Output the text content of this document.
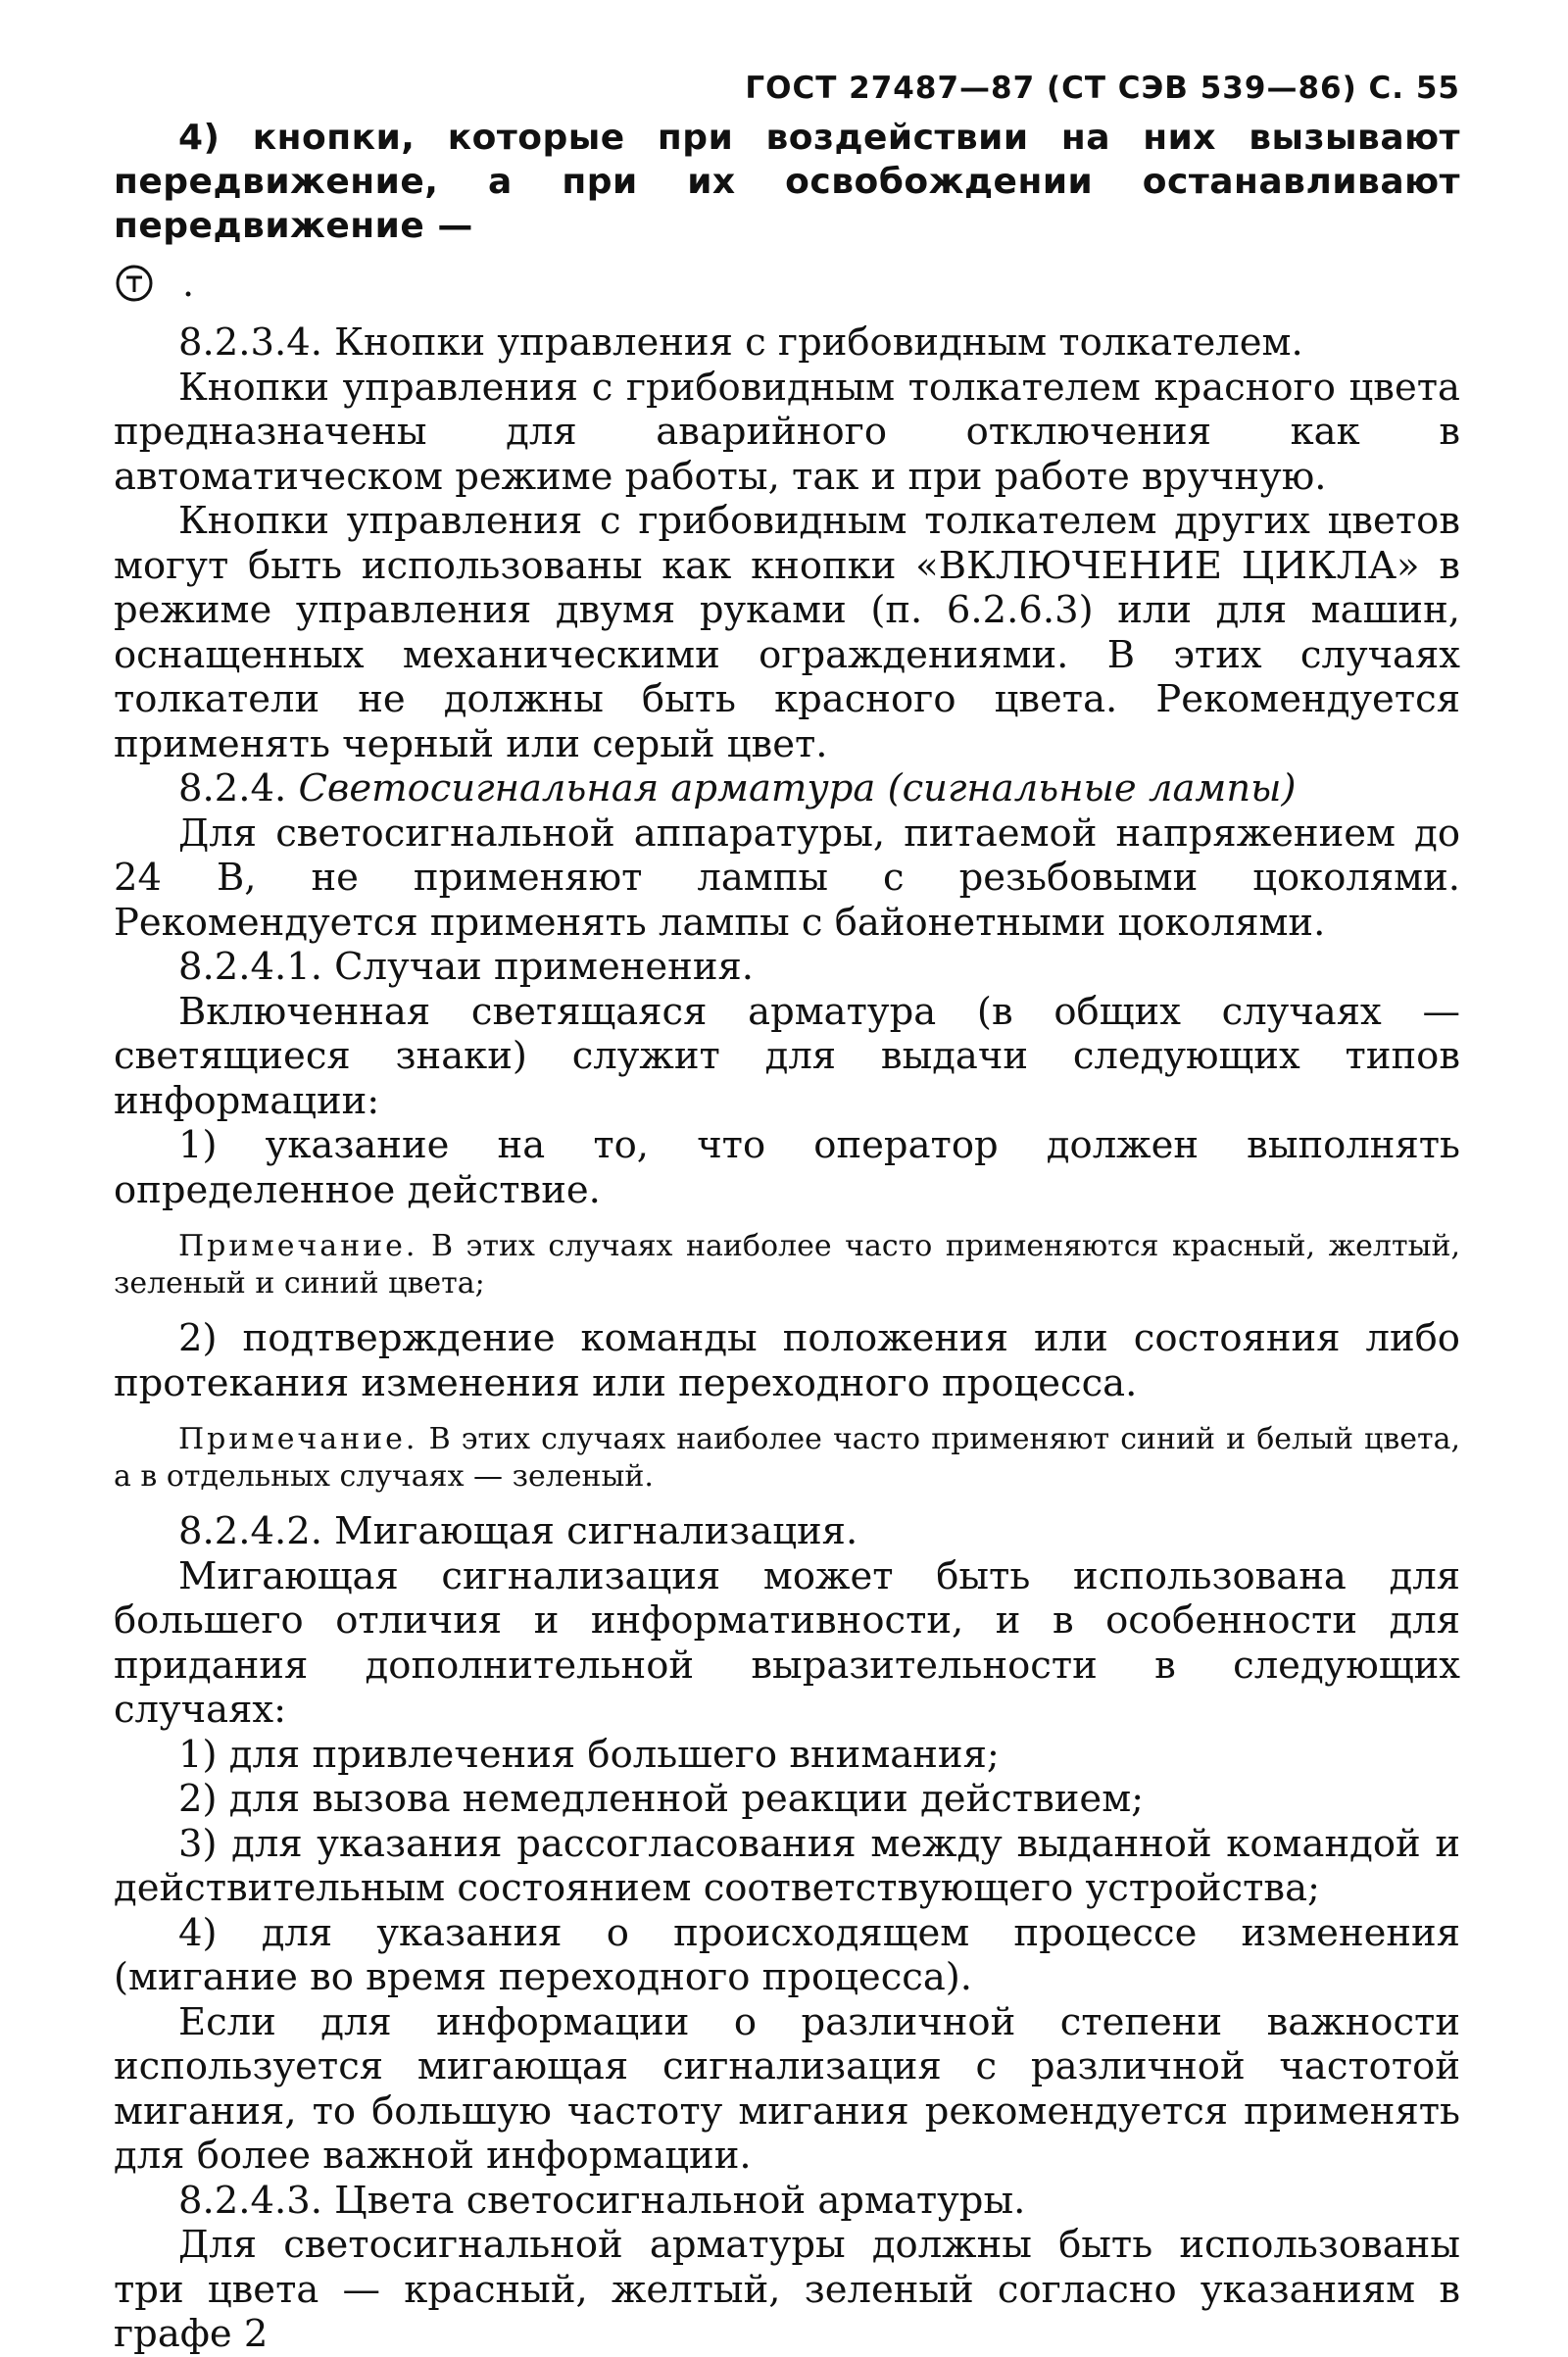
ГОСТ 27487—87 (СТ СЭВ 539—86) С. 55

4) кнопки, которые при воздействии на них вызывают передвижение, а при их освобождении останавливают передвижение —

.

8.2.3.4. Кнопки управления с грибовидным толкателем.

Кнопки управления с грибовидным толкателем красного цвета предназначены для аварийного отключения как в автоматическом режиме работы, так и при работе вручную.

Кнопки управления с грибовидным толкателем других цветов могут быть использованы как кнопки «ВКЛЮЧЕНИЕ ЦИКЛА» в режиме управления двумя руками (п. 6.2.6.3) или для машин, оснащенных механическими ограждениями. В этих случаях толкатели не должны быть красного цвета. Рекомендуется применять черный или серый цвет.

8.2.4. Светосигнальная арматура (сигнальные лампы)

Для светосигнальной аппаратуры, питаемой напряжением до 24 В, не применяют лампы с резьбовыми цоколями. Рекомендуется применять лампы с байонетными цоколями.

8.2.4.1. Случаи применения.

Включенная светящаяся арматура (в общих случаях — светящиеся знаки) служит для выдачи следующих типов информации:

1) указание на то, что оператор должен выполнять определенное действие.

Примечание. В этих случаях наиболее часто применяются красный, желтый, зеленый и синий цвета;

2) подтверждение команды положения или состояния либо протекания изменения или переходного процесса.

Примечание. В этих случаях наиболее часто применяют синий и белый цвета, а в отдельных случаях — зеленый.

8.2.4.2. Мигающая сигнализация.

Мигающая сигнализация может быть использована для большего отличия и информативности, и в особенности для придания дополнительной выразительности в следующих случаях:

1) для привлечения большего внимания;

2) для вызова немедленной реакции действием;

3) для указания рассогласования между выданной командой и действительным состоянием соответствующего устройства;

4) для указания о происходящем процессе изменения (мигание во время переходного процесса).

Если для информации о различной степени важности используется мигающая сигнализация с различной частотой мигания, то большую частоту мигания рекомендуется применять для более важной информации.

8.2.4.3. Цвета светосигнальной арматуры.

Для светосигнальной арматуры должны быть использованы три цвета — красный, желтый, зеленый согласно указаниям в графе 2
